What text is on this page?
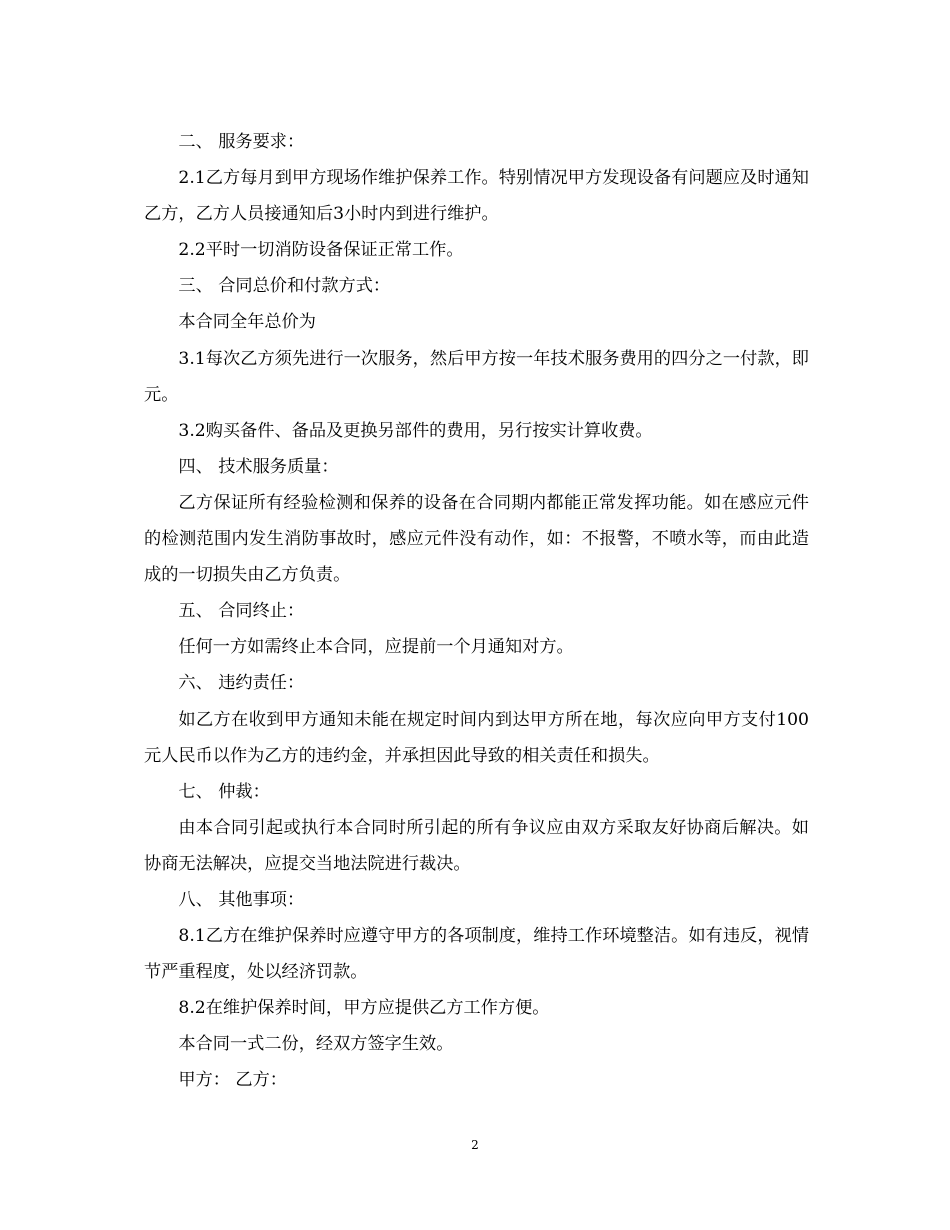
二、 服务要求：

2.1乙方每月到甲方现场作维护保养工作。特别情况甲方发现设备有问题应及时通知乙方，乙方人员接通知后3小时内到进行维护。

2.2平时一切消防设备保证正常工作。

三、 合同总价和付款方式：

本合同全年总价为

3.1每次乙方须先进行一次服务，然后甲方按一年技术服务费用的四分之一付款，即 元。

3.2购买备件、备品及更换另部件的费用，另行按实计算收费。

四、 技术服务质量：

乙方保证所有经验检测和保养的设备在合同期内都能正常发挥功能。如在感应元件的检测范围内发生消防事故时，感应元件没有动作，如：不报警，不喷水等，而由此造成的一切损失由乙方负责。

五、 合同终止：

任何一方如需终止本合同，应提前一个月通知对方。

六、 违约责任：

如乙方在收到甲方通知未能在规定时间内到达甲方所在地，每次应向甲方支付100元人民币以作为乙方的违约金，并承担因此导致的相关责任和损失。

七、 仲裁：

由本合同引起或执行本合同时所引起的所有争议应由双方采取友好协商后解决。如协商无法解决，应提交当地法院进行裁决。

八、 其他事项：

8.1乙方在维护保养时应遵守甲方的各项制度，维持工作环境整洁。如有违反，视情节严重程度，处以经济罚款。

8.2在维护保养时间，甲方应提供乙方工作方便。

本合同一式二份，经双方签字生效。

甲方： 乙方：

2
